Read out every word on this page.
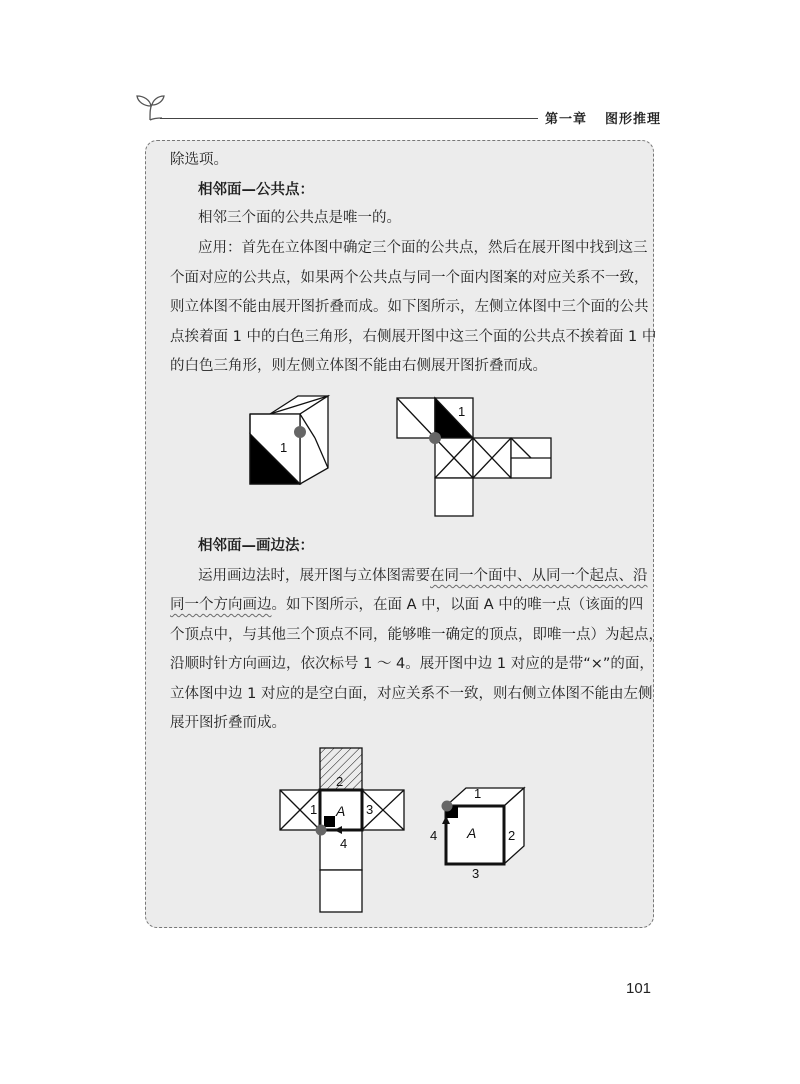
第一章 图形推理
除选项。
相邻面—公共点：
相邻三个面的公共点是唯一的。
应用：首先在立体图中确定三个面的公共点，然后在展开图中找到这三
个面对应的公共点，如果两个公共点与同一个面内图案的对应关系不一致，
则立体图不能由展开图折叠而成。如下图所示，左侧立体图中三个面的公共
点挨着面 1 中的白色三角形，右侧展开图中这三个面的公共点不挨着面 1 中
的白色三角形，则左侧立体图不能由右侧展开图折叠而成。
1
1
相邻面—画边法：
运用画边法时，展开图与立体图需要在同一个面中、从同一个起点、沿
同一个方向画边。如下图所示，在面 A 中，以面 A 中的唯一点（该面的四
个顶点中，与其他三个顶点不同，能够唯一确定的顶点，即唯一点）为起点，
沿顺时针方向画边，依次标号 1 ～ 4。展开图中边 1 对应的是带“×”的面，
立体图中边 1 对应的是空白面，对应关系不一致，则右侧立体图不能由左侧
展开图折叠而成。
2
1 A 3
4
1
A 2
3
4
101
